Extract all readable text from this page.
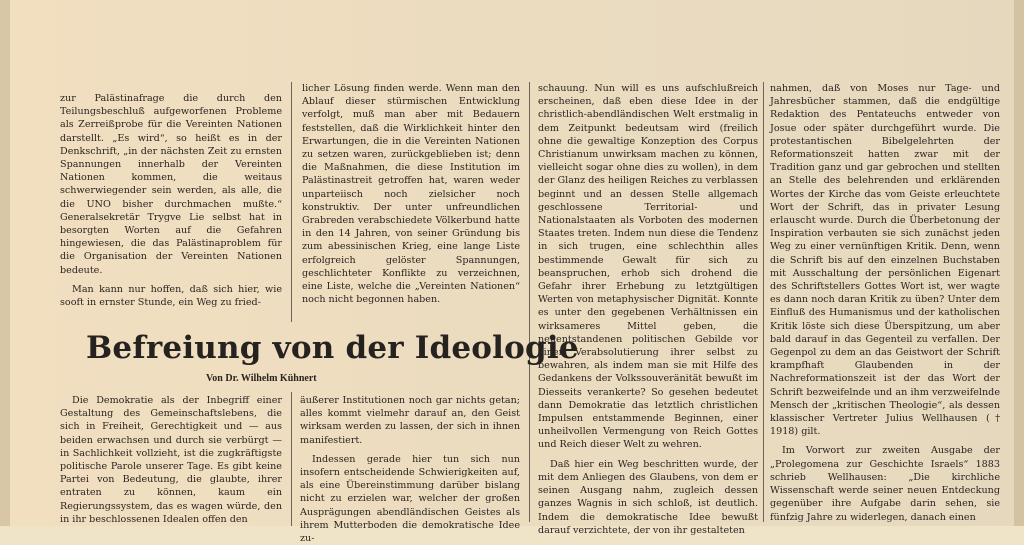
zur Palästinafrage die durch den Teilungsbeschluß aufgeworfenen Probleme als Zerreißprobe für die Vereinten Nationen darstellt. „Es wird“, so heißt es in der Denkschrift, „in der nächsten Zeit zu ernsten Spannungen innerhalb der Vereinten Nationen kommen, die weitaus schwerwiegender sein werden, als alle, die die UNO bisher durchmachen mußte.“ Generalsekretär Trygve Lie selbst hat in besorgten Worten auf die Gefahren hingewiesen, die das Palästinaproblem für die Organisation der Vereinten Nationen bedeute.

Man kann nur hoffen, daß sich hier, wie sooft in ernster Stunde, ein Weg zu fried-

licher Lösung finden werde. Wenn man den Ablauf dieser stürmischen Entwicklung verfolgt, muß man aber mit Bedauern feststellen, daß die Wirklichkeit hinter den Erwartungen, die in die Vereinten Nationen zu setzen waren, zurückgeblieben ist; denn die Maßnahmen, die diese Institution im Palästinastreit getroffen hat, waren weder unparteiisch noch zielsicher noch konstruktiv. Der unter unfreundlichen Grabreden verabschiedete Völkerbund hatte in den 14 Jahren, von seiner Gründung bis zum abessinischen Krieg, eine lange Liste erfolgreich gelöster Spannungen, geschlichteter Konflikte zu verzeichnen, eine Liste, welche die „Vereinten Nationen“ noch nicht begonnen haben.

Befreiung von der Ideologie
Von Dr. Wilhelm Kühnert

Die Demokratie als der Inbegriff einer Gestaltung des Gemeinschaftslebens, die sich in Freiheit, Gerechtigkeit und — aus beiden erwachsen und durch sie verbürgt — in Sachlichkeit vollzieht, ist die zugkräftigste politische Parole unserer Tage. Es gibt keine Partei von Bedeutung, die glaubte, ihrer entraten zu können, kaum ein Regierungssystem, das es wagen würde, den in ihr beschlossenen Idealen offen den

äußerer Institutionen noch gar nichts getan; alles kommt vielmehr darauf an, den Geist wirksam werden zu lassen, der sich in ihnen manifestiert.

Indessen gerade hier tun sich nun insofern entscheidende Schwierigkeiten auf, als eine Übereinstimmung darüber bislang nicht zu erzielen war, welcher der großen Ausprägungen abendländischen Geistes als ihrem Mutterboden die demokratische Idee zu-

schauung. Nun will es uns aufschlußreich erscheinen, daß eben diese Idee in der christlich-abendländischen Welt erstmalig in dem Zeitpunkt bedeutsam wird (freilich ohne die gewaltige Konzeption des Corpus Christianum unwirksam machen zu können, vielleicht sogar ohne dies zu wollen), in dem der Glanz des heiligen Reiches zu verblassen beginnt und an dessen Stelle allgemach geschlossene Territorial- und Nationalstaaten als Vorboten des modernen Staates treten. Indem nun diese die Tendenz in sich trugen, eine schlechthin alles bestimmende Gewalt für sich zu beanspruchen, erhob sich drohend die Gefahr ihrer Erhebung zu letztgültigen Werten von metaphysischer Dignität. Konnte es unter den gegebenen Verhältnissen ein wirksameres Mittel geben, die neuentstandenen politischen Gebilde vor einer Verabsolutierung ihrer selbst zu bewahren, als indem man sie mit Hilfe des Gedankens der Volkssouveränität bewußt im Diesseits verankerte? So gesehen bedeutet dann Demokratie das letztlich christlichen Impulsen entstammende Beginnen, einer unheilvollen Vermengung von Reich Gottes und Reich dieser Welt zu wehren.

Daß hier ein Weg beschritten wurde, der mit dem Anliegen des Glaubens, von dem er seinen Ausgang nahm, zugleich dessen ganzes Wagnis in sich schloß, ist deutlich. Indem die demokratische Idee bewußt darauf verzichtete, der von ihr gestalteten

nahmen, daß von Moses nur Tage- und Jahresbücher stammen, daß die endgültige Redaktion des Pentateuchs entweder von Josue oder später durchgeführt wurde. Die protestantischen Bibelgelehrten der Reformationszeit hatten zwar mit der Tradition ganz und gar gebrochen und stellten an Stelle des belehrenden und erklärenden Wortes der Kirche das vom Geiste erleuchtete Wort der Schrift, das in privater Lesung erlauscht wurde. Durch die Überbetonung der Inspiration verbauten sie sich zunächst jeden Weg zu einer vernünftigen Kritik. Denn, wenn die Schrift bis auf den einzelnen Buchstaben mit Ausschaltung der persönlichen Eigenart des Schriftstellers Gottes Wort ist, wer wagte es dann noch daran Kritik zu üben? Unter dem Einfluß des Humanismus und der katholischen Kritik löste sich diese Überspitzung, um aber bald darauf in das Gegenteil zu verfallen. Der Gegenpol zu dem an das Geistwort der Schrift krampfhaft Glaubenden in der Nachreformationszeit ist der das Wort der Schrift bezweifelnde und an ihm verzweifelnde Mensch der „kritischen Theologie“, als dessen klassischer Vertreter Julius Wellhausen († 1918) gilt.

Im Vorwort zur zweiten Ausgabe der „Prolegomena zur Geschichte Israels“ 1883 schrieb Wellhausen: „Die kirchliche Wissenschaft werde seiner neuen Entdeckung gegenüber ihre Aufgabe darin sehen, sie fünfzig Jahre zu widerlegen, danach einen
